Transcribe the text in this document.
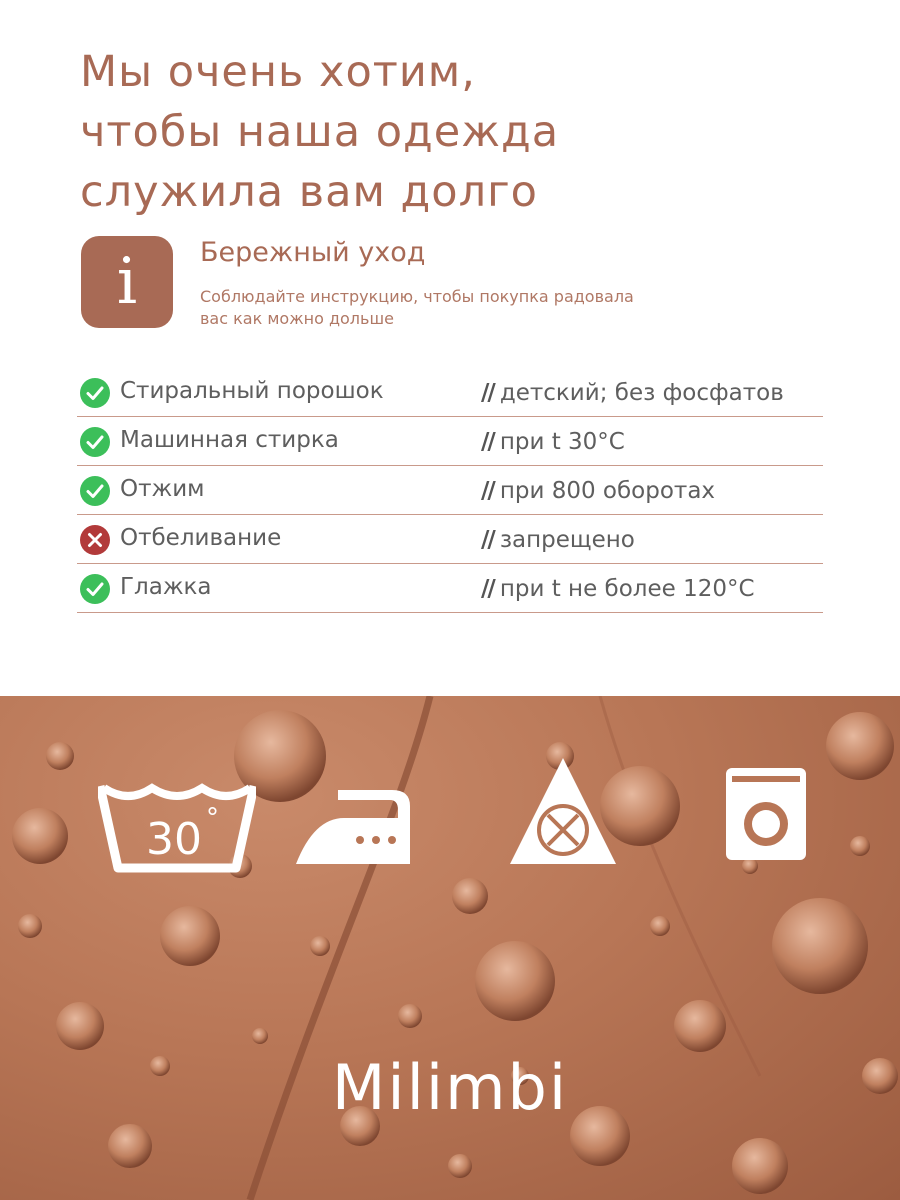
Мы очень хотим,
чтобы наша одежда
служила вам долго
i	Бережный уход
Соблюдайте инструкцию, чтобы покупка радовала вас как можно дольше
Стиральный порошок	// детский; без фосфатов
Машинная стирка	// при t 30°C
Отжим	// при 800 оборотах
Отбеливание	// запрещено
Глажка	// при t не более 120°C
30 °
Milimbi
